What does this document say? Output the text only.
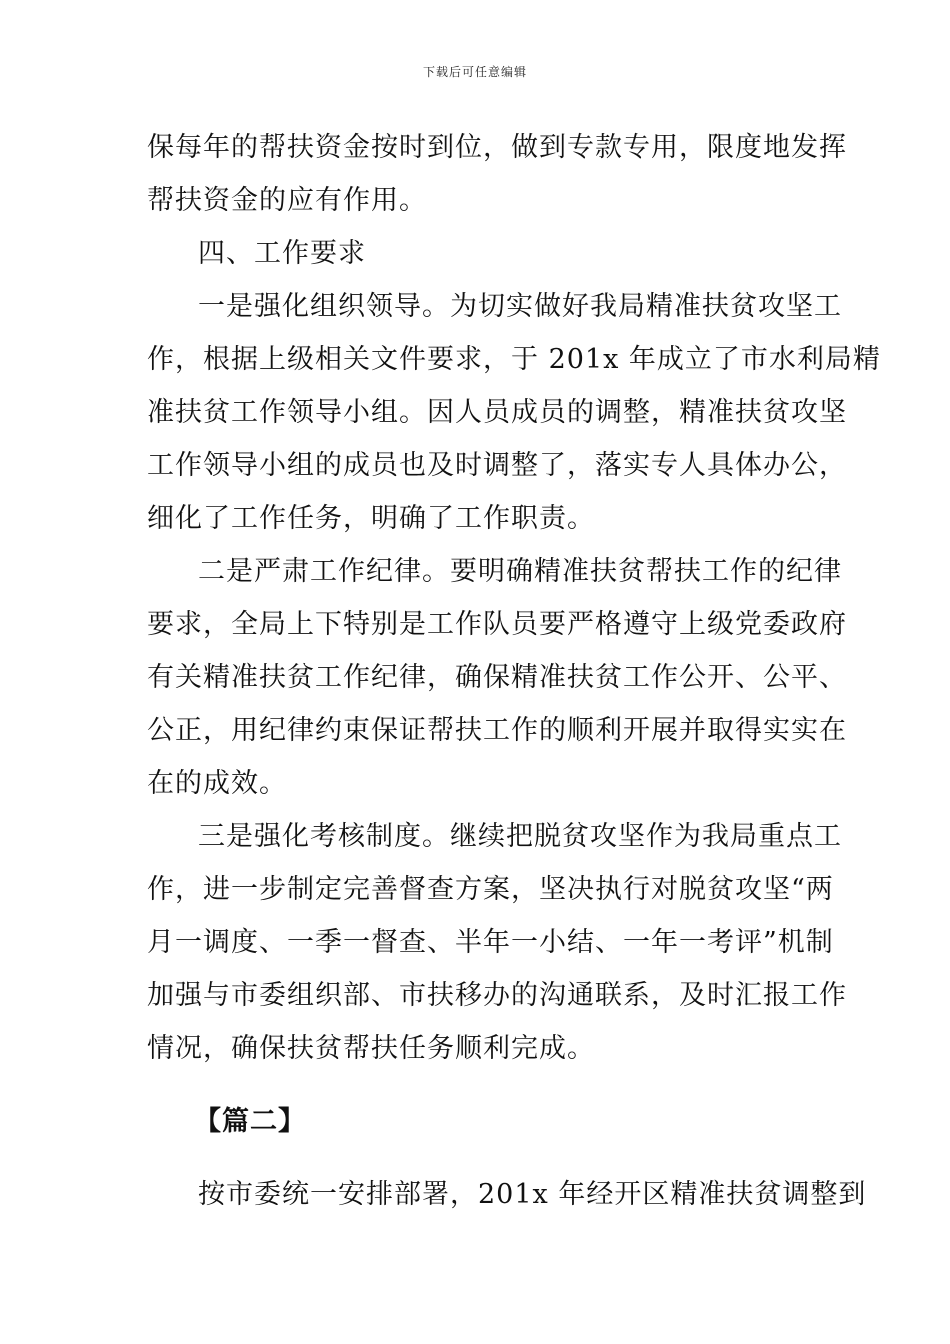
下载后可任意编辑
保每年的帮扶资金按时到位，做到专款专用，限度地发挥
帮扶资金的应有作用。
四、工作要求
一是强化组织领导。为切实做好我局精准扶贫攻坚工
作，根据上级相关文件要求，于 201x 年成立了市水利局精
准扶贫工作领导小组。因人员成员的调整，精准扶贫攻坚
工作领导小组的成员也及时调整了，落实专人具体办公，
细化了工作任务，明确了工作职责。
二是严肃工作纪律。要明确精准扶贫帮扶工作的纪律
要求，全局上下特别是工作队员要严格遵守上级党委政府
有关精准扶贫工作纪律，确保精准扶贫工作公开、公平、
公正，用纪律约束保证帮扶工作的顺利开展并取得实实在
在的成效。
三是强化考核制度。继续把脱贫攻坚作为我局重点工
作，进一步制定完善督查方案，坚决执行对脱贫攻坚“两
月一调度、一季一督查、半年一小结、一年一考评”机制
加强与市委组织部、市扶移办的沟通联系，及时汇报工作
情况，确保扶贫帮扶任务顺利完成。
【篇二】
按市委统一安排部署，201x 年经开区精准扶贫调整到
